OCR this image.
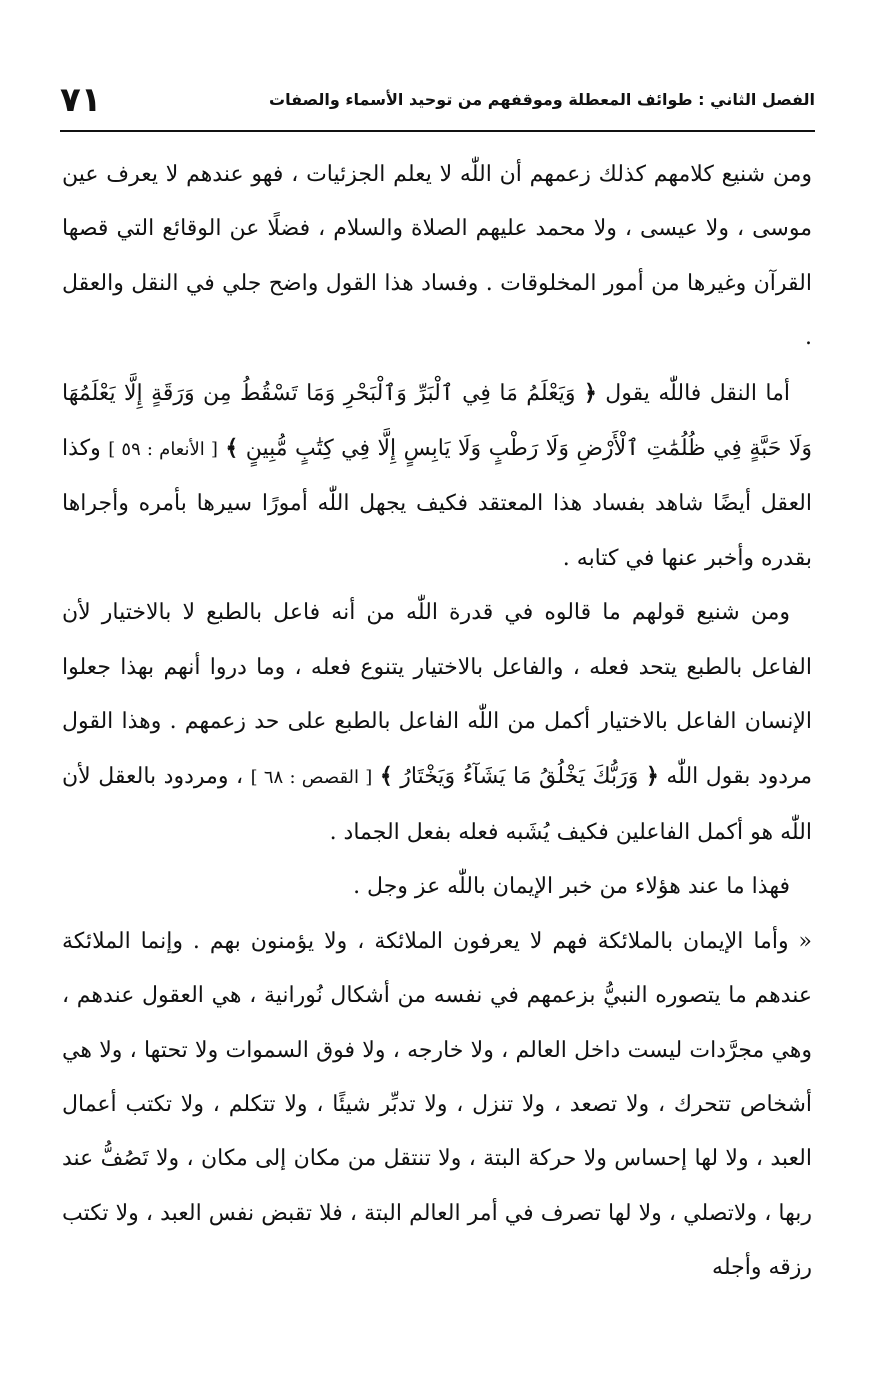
الفصل الثاني : طوائف المعطلة وموقفهم من توحيد الأسماء والصفات
٧١

ومن شنيع كلامهم كذلك زعمهم أن اللّٰه لا يعلم الجزئيات ، فهو عندهم لا يعرف عين موسى ، ولا عيسى ، ولا محمد عليهم الصلاة والسلام ، فضلًا عن الوقائع التي قصها القرآن وغيرها من أمور المخلوقات . وفساد هذا القول واضح جلي في النقل والعقل .

أما النقل فاللّٰه يقول ﴿ وَيَعْلَمُ مَا فِي ٱلْبَرِّ وَٱلْبَحْرِ وَمَا تَسْقُطُ مِن وَرَقَةٍ إِلَّا يَعْلَمُهَا وَلَا حَبَّةٍ فِي ظُلُمَٰتِ ٱلْأَرْضِ وَلَا رَطْبٍ وَلَا يَابِسٍ إِلَّا فِي كِتَٰبٍ مُّبِينٍ ﴾ [ الأنعام : ٥٩ ] وكذا العقل أيضًا شاهد بفساد هذا المعتقد فكيف يجهل اللّٰه أمورًا سيرها بأمره وأجراها بقدره وأخبر عنها في كتابه .

ومن شنيع قولهم ما قالوه في قدرة اللّٰه من أنه فاعل بالطبع لا بالاختيار لأن الفاعل بالطبع يتحد فعله ، والفاعل بالاختيار يتنوع فعله ، وما دروا أنهم بهذا جعلوا الإنسان الفاعل بالاختيار أكمل من اللّٰه الفاعل بالطبع على حد زعمهم . وهذا القول مردود بقول اللّٰه ﴿ وَرَبُّكَ يَخْلُقُ مَا يَشَآءُ وَيَخْتَارُ ﴾ [ القصص : ٦٨ ] ، ومردود بالعقل لأن اللّٰه هو أكمل الفاعلين فكيف يُشَبه فعله بفعل الجماد .

فهذا ما عند هؤلاء من خبر الإيمان باللّٰه عز وجل .

« وأما الإيمان بالملائكة فهم لا يعرفون الملائكة ، ولا يؤمنون بهم . وإنما الملائكة عندهم ما يتصوره النبيُّ بزعمهم في نفسه من أشكال نُورانية ، هي العقول عندهم ، وهي مجرَّدات ليست داخل العالم ، ولا خارجه ، ولا فوق السموات ولا تحتها ، ولا هي أشخاص تتحرك ، ولا تصعد ، ولا تنزل ، ولا تدبِّر شيئًا ، ولا تتكلم ، ولا تكتب أعمال العبد ، ولا لها إحساس ولا حركة البتة ، ولا تنتقل من مكان إلى مكان ، ولا تَصُفُّ عند ربها ، ولاتصلي ، ولا لها تصرف في أمر العالم البتة ، فلا تقبض نفس العبد ، ولا تكتب رزقه وأجله
